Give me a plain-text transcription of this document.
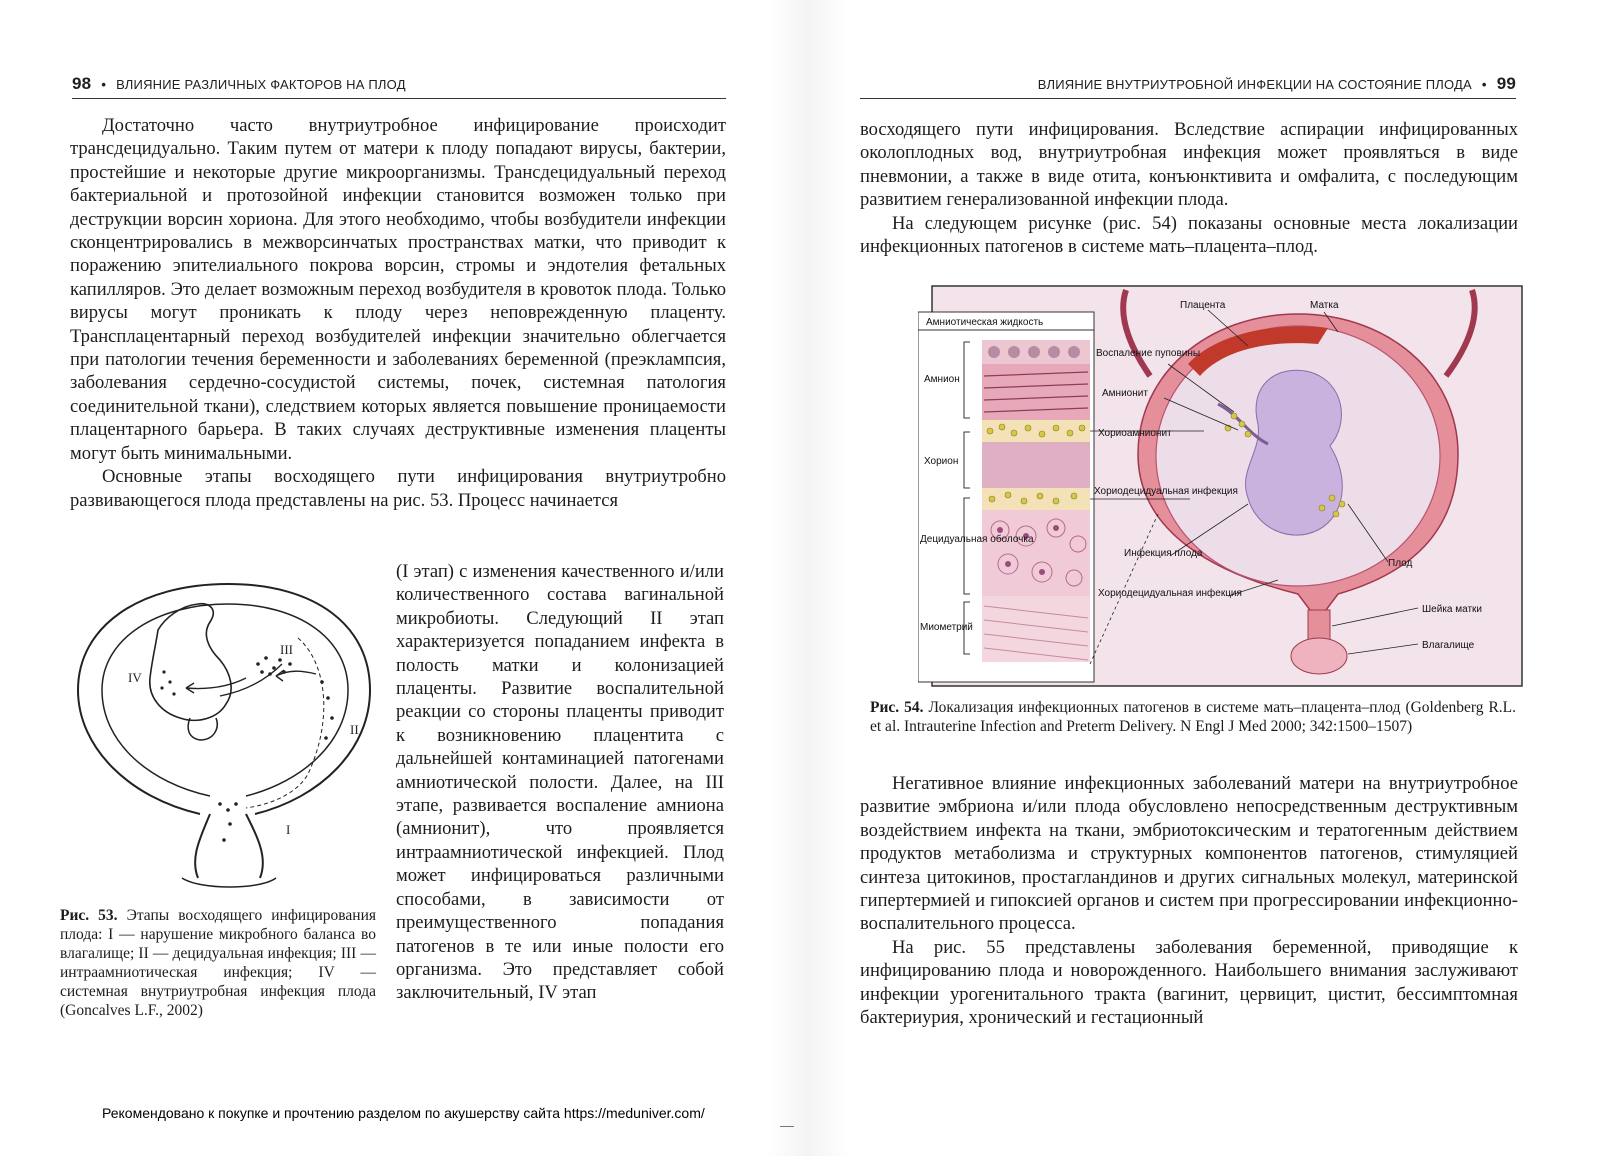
98 • ВЛИЯНИЕ РАЗЛИЧНЫХ ФАКТОРОВ НА ПЛОД

Достаточно часто внутриутробное инфицирование происходит трансдецидуально. Таким путем от матери к плоду попадают вирусы, бактерии, простейшие и некоторые другие микроорганизмы. Трансдецидуальный переход бактериальной и протозойной инфекции становится возможен только при деструкции ворсин хориона. Для этого необходимо, чтобы возбудители инфекции сконцентрировались в межворсинчатых пространствах матки, что приводит к поражению эпителиального покрова ворсин, стромы и эндотелия фетальных капилляров. Это делает возможным переход возбудителя в кровоток плода. Только вирусы могут проникать к плоду через неповрежденную плаценту. Трансплацентарный переход возбудителей инфекции значительно облегчается при патологии течения беременности и заболеваниях беременной (преэклампсия, заболевания сердечно-сосудистой системы, почек, системная патология соединительной ткани), следствием которых является повышение проницаемости плацентарного барьера. В таких случаях деструктивные изменения плаценты могут быть минимальными.

Основные этапы восходящего пути инфицирования внутриутробно развивающегося плода представлены на рис. 53. Процесс начинается

III
IV
II
I

(I этап) с изменения качественного и/или количественного состава вагинальной микробиоты. Следующий II этап характеризуется попаданием инфекта в полость матки и колонизацией плаценты. Развитие воспалительной реакции со стороны плаценты приводит к возникновению плацентита с дальнейшей контаминацией патогенами амниотической полости. Далее, на III этапе, развивается воспаление амниона (амнионит), что проявляется интраамниотической инфекцией. Плод может инфицироваться различными способами, в зависимости от преимущественного попадания патогенов в те или иные полости его организма. Это представляет собой заключительный, IV этап

Рис. 53. Этапы восходящего инфицирования плода: I — нарушение микробного баланса во влагалище; II — децидуальная инфекция; III — интраамниотическая инфекция; IV — системная внутриутробная инфекция плода (Goncalves L.F., 2002)
ВЛИЯНИЕ ВНУТРИУТРОБНОЙ ИНФЕКЦИИ НА СОСТОЯНИЕ ПЛОДА • 99

восходящего пути инфицирования. Вследствие аспирации инфицированных околоплодных вод, внутриутробная инфекция может проявляться в виде пневмонии, а также в виде отита, конъюнктивита и омфалита, с последующим развитием генерализованной инфекции плода.

На следующем рисунке (рис. 54) показаны основные места локализации инфекционных патогенов в системе мать–плацента–плод.

Амниотическая жидкость
Амнион
Хорион
Децидуальная оболочка
Миометрий
Плацента	Матка
Воспаление пуповины
Амнионит
Хориоамнионит
Хориодецидуальная инфекция
Инфекция плода
Хориодецидуальная инфекция
Плод
Шейка матки
Влагалище
Рис. 54. Локализация инфекционных патогенов в системе мать–плацента–плод (Goldenberg R.L. et al. Intrauterine Infection and Preterm Delivery. N Engl J Med 2000; 342:1500–1507)

Негативное влияние инфекционных заболеваний матери на внутриутробное развитие эмбриона и/или плода обусловлено непосредственным деструктивным воздействием инфекта на ткани, эмбриотоксическим и тератогенным действием продуктов метаболизма и структурных компонентов патогенов, стимуляцией синтеза цитокинов, простагландинов и других сигнальных молекул, материнской гипертермией и гипоксией органов и систем при прогрессировании инфекционно-воспалительного процесса.

На рис. 55 представлены заболевания беременной, приводящие к инфицированию плода и новорожденного. Наибольшего внимания заслуживают инфекции урогенитального тракта (вагинит, цервицит, цистит, бессимптомная бактериурия, хронический и гестационный

Рекомендовано к покупке и прочтению разделом по акушерству сайта https://meduniver.com/
